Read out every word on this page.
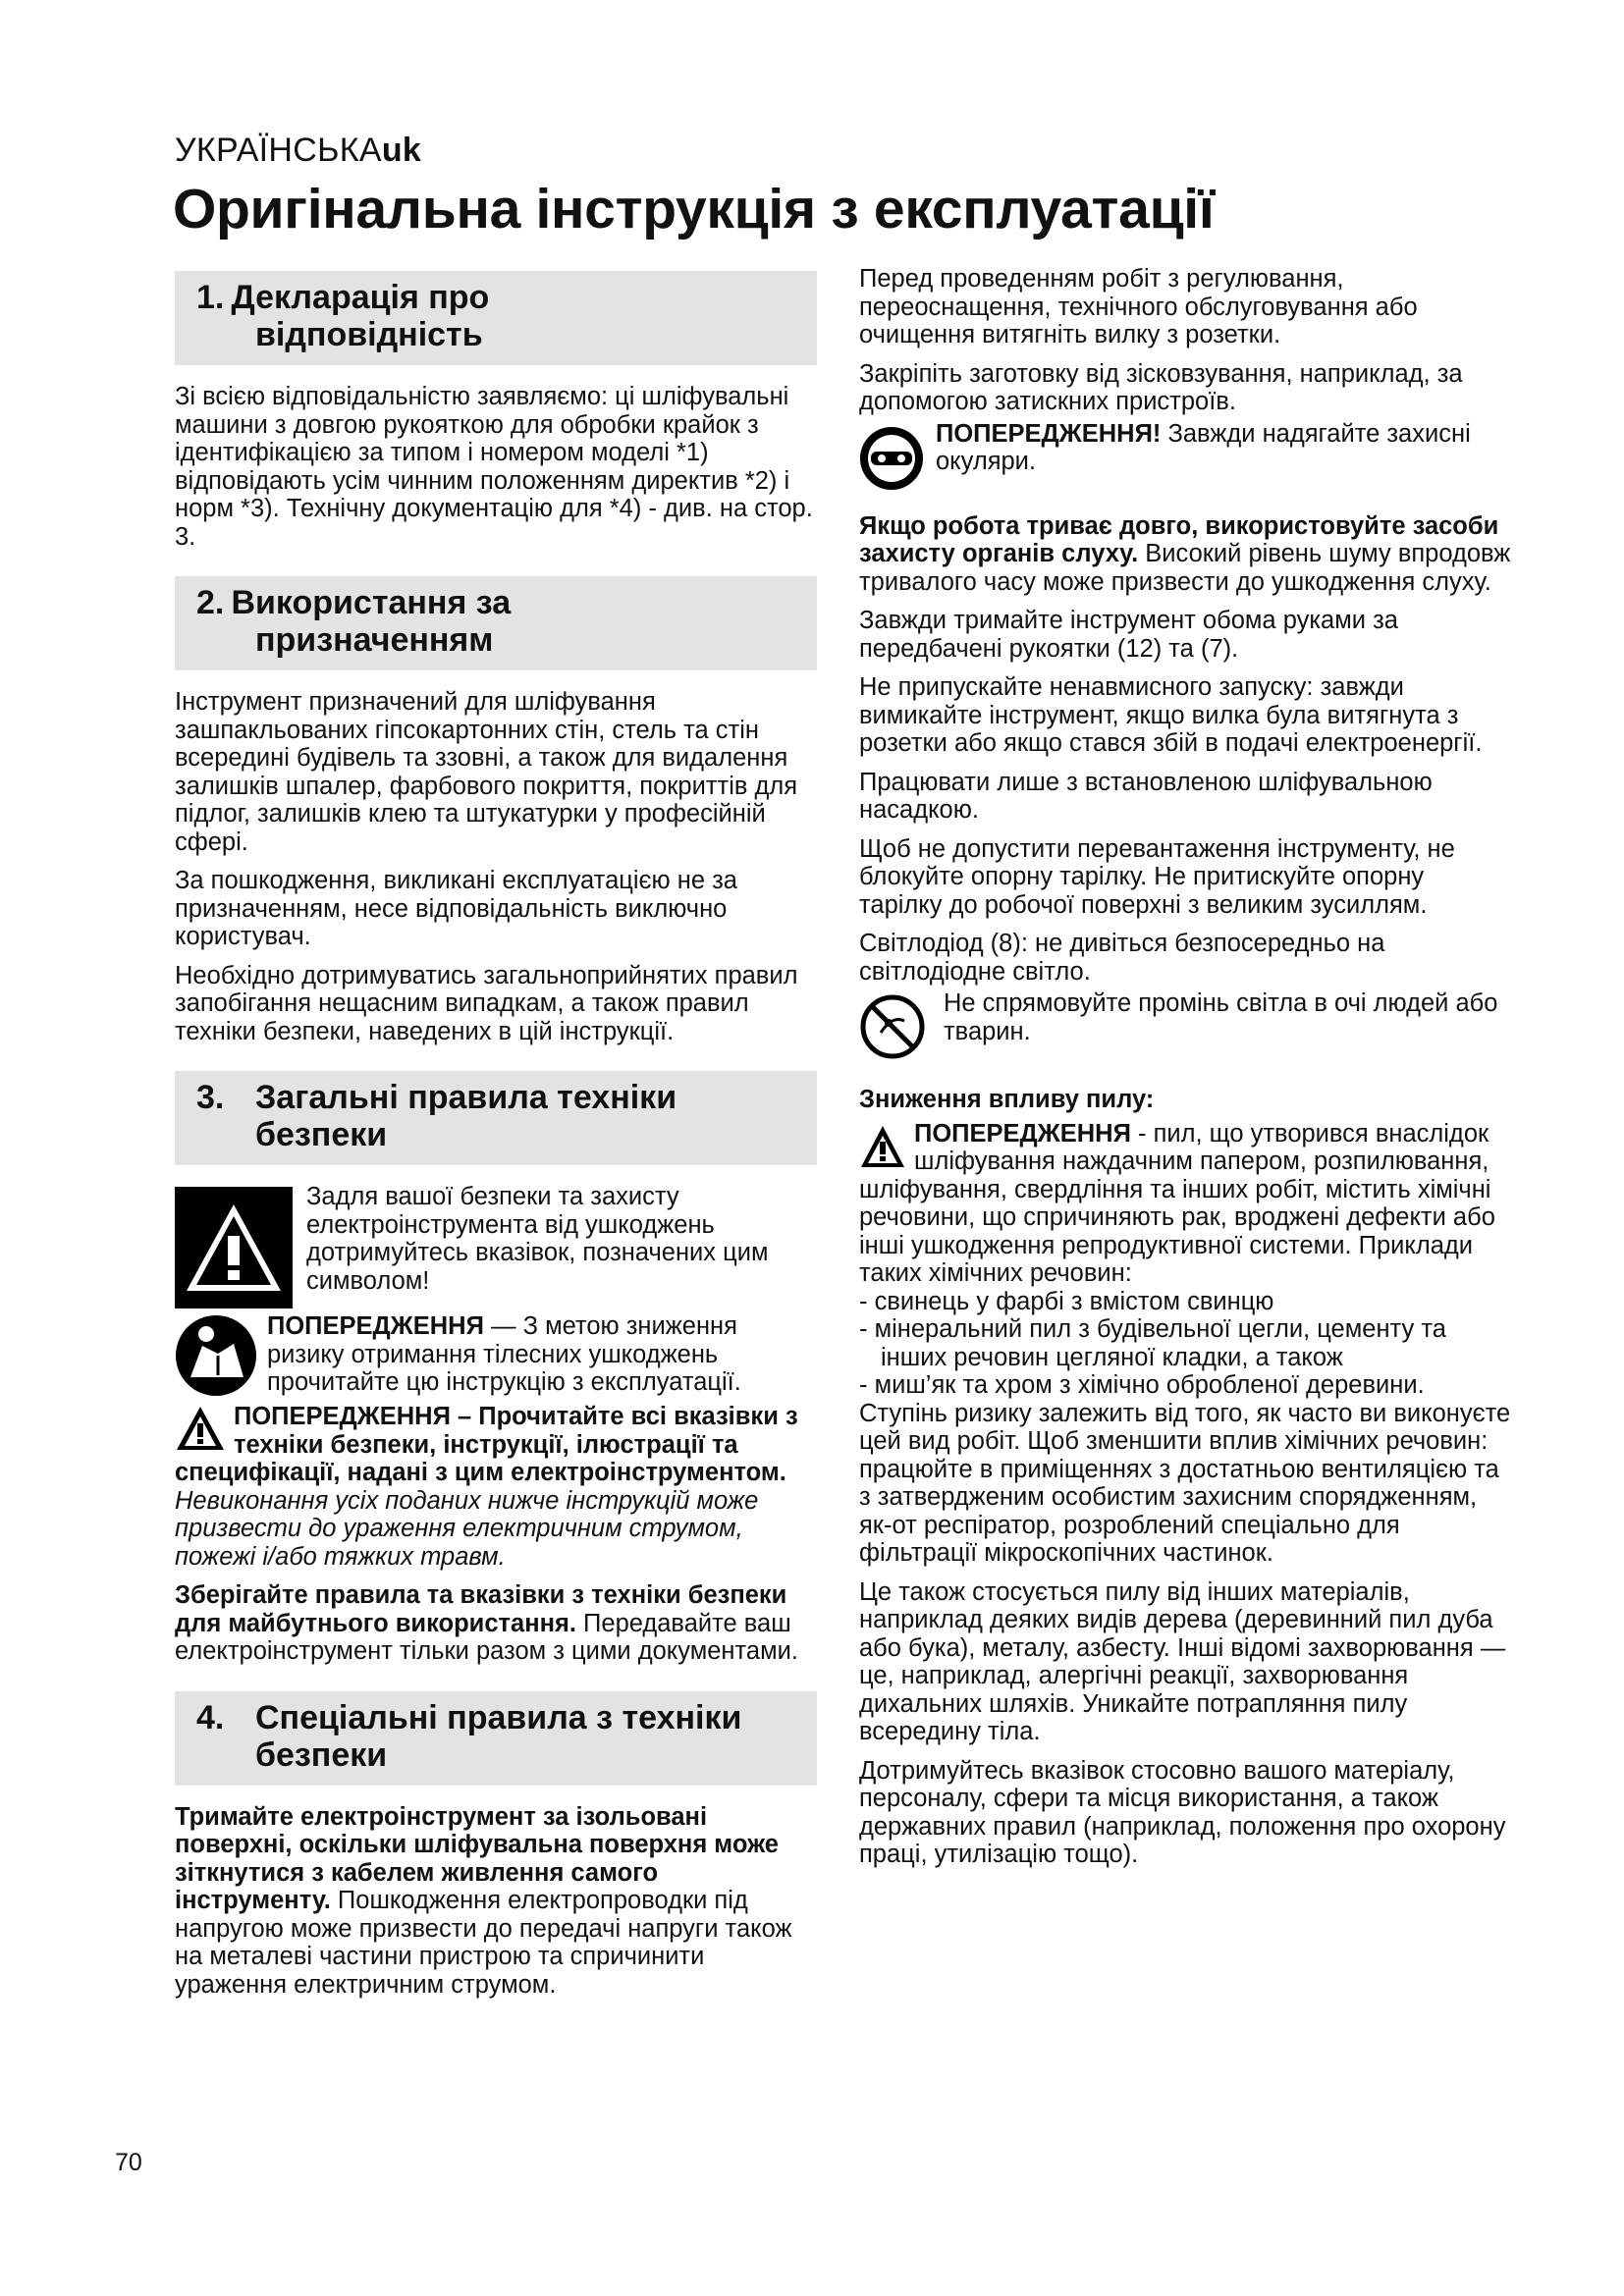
УКРАЇНСЬКАuk
Оригінальна інструкція з експлуатації
1. Декларація про
відповідність

Зі всією відповідальністю заявляємо: ці шліфувальні машини з довгою рукояткою для обробки крайок з ідентифікацією за типом і номером моделі *1) відповідають усім чинним положенням директив *2) і норм *3). Технічну документацію для *4) - див. на стор. 3.

2. Використання за
призначенням

Інструмент призначений для шліфування зашпакльованих гіпсокартонних стін, стель та стін всередині будівель та ззовні, а також для видалення залишків шпалер, фарбового покриття, покриттів для підлог, залишків клею та штукатурки у професійній сфері.

За пошкодження, викликані експлуатацією не за призначенням, несе відповідальність виключно користувач.

Необхідно дотримуватись загальноприйнятих правил запобігання нещасним випадкам, а також правил техніки безпеки, наведених в цій інструкції.

3. Загальні правила техніки
безпеки
Задля вашої безпеки та захисту електроінструмента від ушкоджень дотримуйтесь вказівок, позначених цим символом!
ПОПЕРЕДЖЕННЯ — З метою зниження ризику отримання тілесних ушкоджень прочитайте цю інструкцію з експлуатації.

ПОПЕРЕДЖЕННЯ – Прочитайте всі вказівки з техніки безпеки, інструкції, ілюстрації та специфікації, надані з цим електроінструментом. Невиконання усіх поданих нижче інструкцій може призвести до ураження електричним струмом, пожежі і/або тяжких травм.

Зберігайте правила та вказівки з техніки безпеки для майбутнього використання. Передавайте ваш електроінструмент тільки разом з цими документами.

4. Спеціальні правила з техніки
безпеки

Тримайте електроінструмент за ізольовані поверхні, оскільки шліфувальна поверхня може зіткнутися з кабелем живлення самого інструменту. Пошкодження електропроводки під напругою може призвести до передачі напруги також на металеві частини пристрою та спричинити ураження електричним струмом.

Перед проведенням робіт з регулювання, переоснащення, технічного обслуговування або очищення витягніть вилку з розетки.

Закріпіть заготовку від зісковзування, наприклад, за допомогою затискних пристроїв.

ПОПЕРЕДЖЕННЯ! Завжди надягайте захисні окуляри.

Якщо робота триває довго, використовуйте засоби захисту органів слуху. Високий рівень шуму впродовж тривалого часу може призвести до ушкодження слуху.

Завжди тримайте інструмент обома руками за передбачені рукоятки (12) та (7).

Не припускайте ненавмисного запуску: завжди вимикайте інструмент, якщо вилка була витягнута з розетки або якщо стався збій в подачі електроенергії.

Працювати лише з встановленою шліфувальною насадкою.

Щоб не допустити перевантаження інструменту, не блокуйте опорну тарілку. Не притискуйте опорну тарілку до робочої поверхні з великим зусиллям.

Світлодіод (8): не дивіться безпосередньо на світлодіодне світло.

Не спрямовуйте промінь світла в очі людей або тварин.

Зниження впливу пилу:

ПОПЕРЕДЖЕННЯ - пил, що утворився внаслідок шліфування наждачним папером, розпилювання, шліфування, свердління та інших робіт, містить хімічні речовини, що спричиняють рак, вроджені дефекти або інші ушкодження репродуктивної системи. Приклади таких хімічних речовин:

- свинець у фарбі з вмістом свинцю
- мінеральний пил з будівельної цегли, цементу та інших речовин цегляної кладки, а також
- миш’як та хром з хімічно обробленої деревини.

Ступінь ризику залежить від того, як часто ви виконуєте цей вид робіт. Щоб зменшити вплив хімічних речовин: працюйте в приміщеннях з достатньою вентиляцією та з затвердженим особистим захисним спорядженням, як-от респіратор, розроблений спеціально для фільтрації мікроскопічних частинок.

Це також стосується пилу від інших матеріалів, наприклад деяких видів дерева (деревинний пил дуба або бука), металу, азбесту. Інші відомі захворювання — це, наприклад, алергічні реакції, захворювання дихальних шляхів. Уникайте потрапляння пилу всередину тіла.

Дотримуйтесь вказівок стосовно вашого матеріалу, персоналу, сфери та місця використання, а також державних правил (наприклад, положення про охорону праці, утилізацію тощо).

70
